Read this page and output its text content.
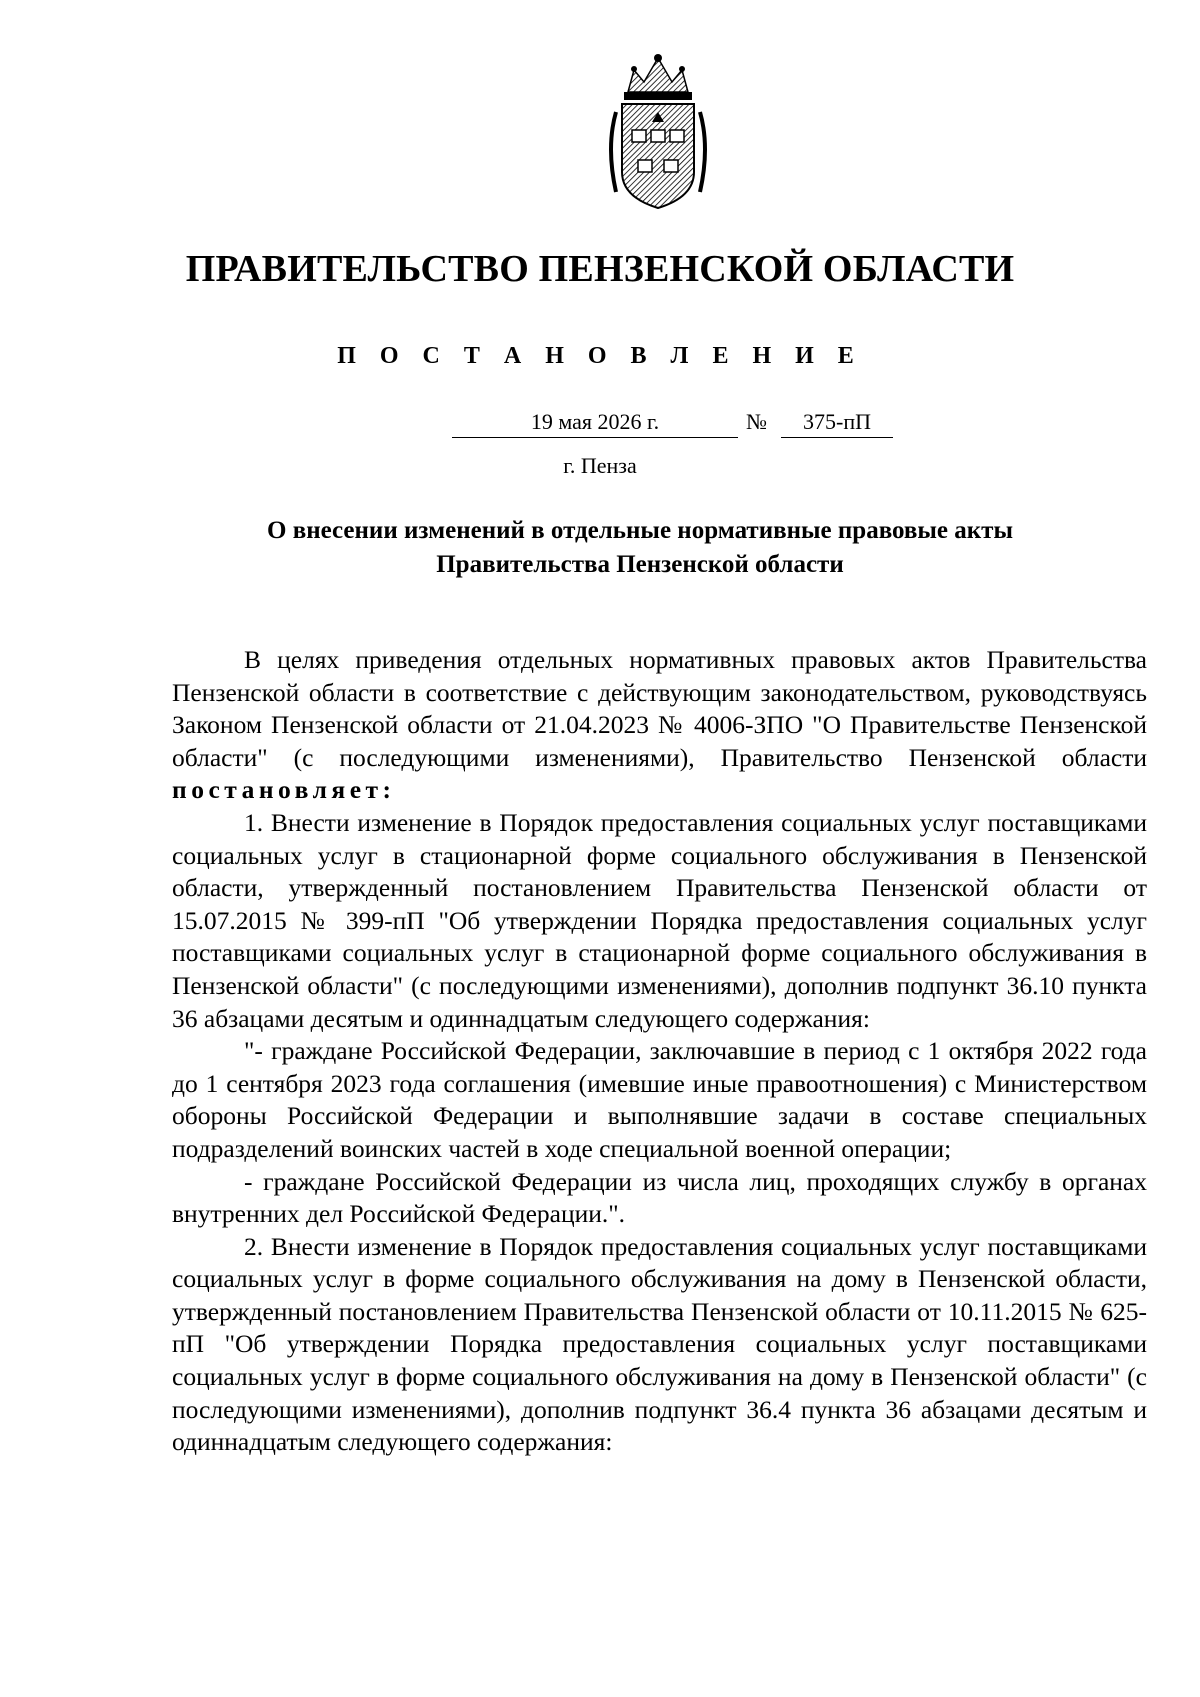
ПРАВИТЕЛЬСТВО ПЕНЗЕНСКОЙ ОБЛАСТИ
П О С Т А Н О В Л Е Н И Е
19 мая 2026 г.	№	375-пП
г. Пенза
О внесении изменений в отдельные нормативные правовые акты
Правительства Пензенской области

В целях приведения отдельных нормативных правовых актов Правительства Пензенской области в соответствие с действующим законодательством, руководствуясь Законом Пензенской области от 21.04.2023 № 4006-ЗПО "О Правительстве Пензенской области" (с последующими изменениями), Правительство Пензенской области постановляет:

1. Внести изменение в Порядок предоставления социальных услуг поставщиками социальных услуг в стационарной форме социального обслуживания в Пензенской области, утвержденный постановлением Правительства Пензенской области от 15.07.2015 № 399-пП "Об утверждении Порядка предоставления социальных услуг поставщиками социальных услуг в стационарной форме социального обслуживания в Пензенской области" (с последующими изменениями), дополнив подпункт 36.10 пункта 36 абзацами десятым и одиннадцатым следующего содержания:

"- граждане Российской Федерации, заключавшие в период с 1 октября 2022 года до 1 сентября 2023 года соглашения (имевшие иные правоотношения) с Министерством обороны Российской Федерации и выполнявшие задачи в составе специальных подразделений воинских частей в ходе специальной военной операции;

- граждане Российской Федерации из числа лиц, проходящих службу в органах внутренних дел Российской Федерации.".

2. Внести изменение в Порядок предоставления социальных услуг поставщиками социальных услуг в форме социального обслуживания на дому в Пензенской области, утвержденный постановлением Правительства Пензенской области от 10.11.2015 № 625-пП "Об утверждении Порядка предоставления социальных услуг поставщиками социальных услуг в форме социального обслуживания на дому в Пензенской области" (с последующими изменениями), дополнив подпункт 36.4 пункта 36 абзацами десятым и одиннадцатым следующего содержания:
